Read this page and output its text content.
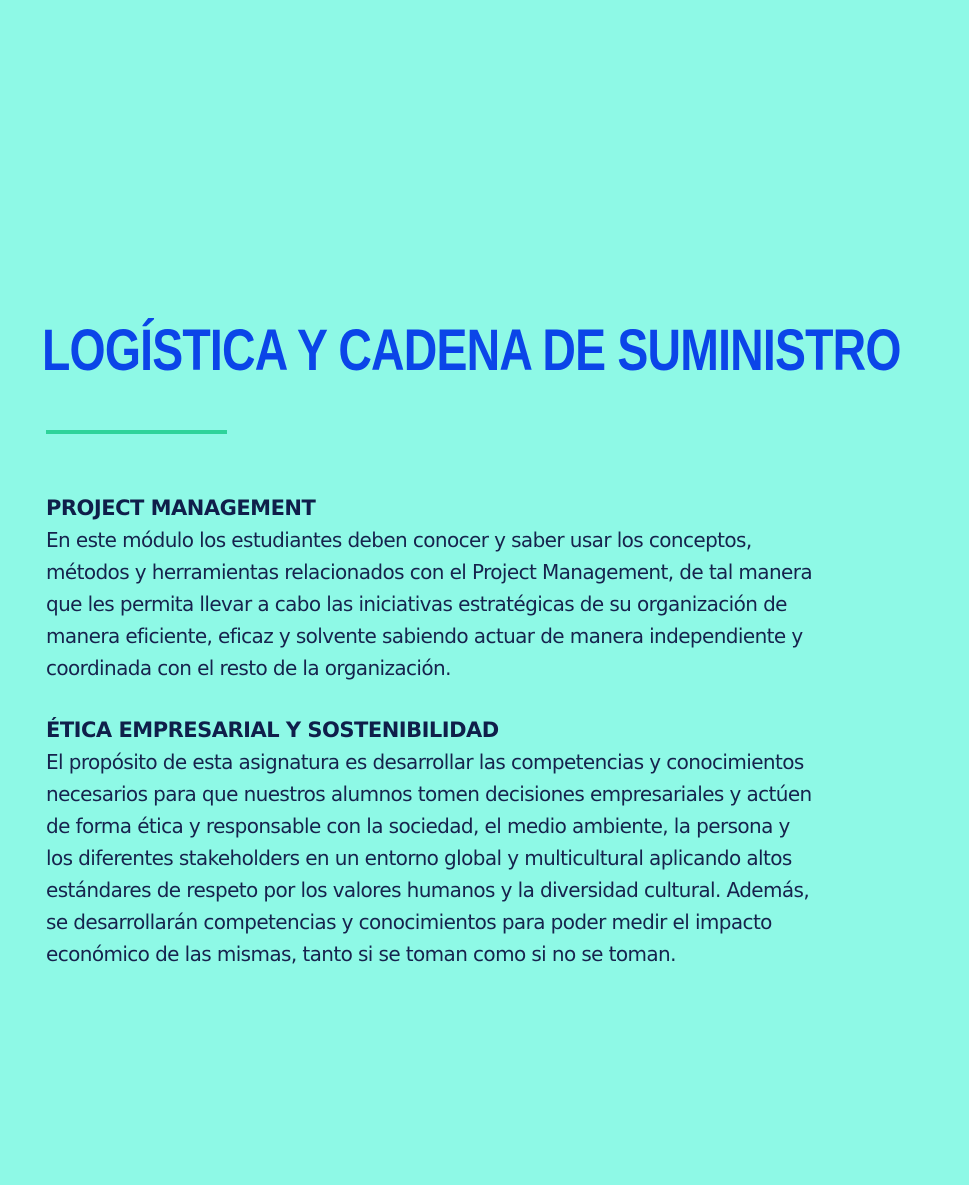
LOGÍSTICA Y CADENA DE SUMINISTRO
PROJECT MANAGEMENT

En este módulo los estudiantes deben conocer y saber usar los conceptos,
métodos y herramientas relacionados con el Project Management, de tal manera
que les permita llevar a cabo las iniciativas estratégicas de su organización de
manera eficiente, eficaz y solvente sabiendo actuar de manera independiente y
coordinada con el resto de la organización.

ÉTICA EMPRESARIAL Y SOSTENIBILIDAD

El propósito de esta asignatura es desarrollar las competencias y conocimientos
necesarios para que nuestros alumnos tomen decisiones empresariales y actúen
de forma ética y responsable con la sociedad, el medio ambiente, la persona y
los diferentes stakeholders en un entorno global y multicultural aplicando altos
estándares de respeto por los valores humanos y la diversidad cultural. Además,
se desarrollarán competencias y conocimientos para poder medir el impacto
económico de las mismas, tanto si se toman como si no se toman.
